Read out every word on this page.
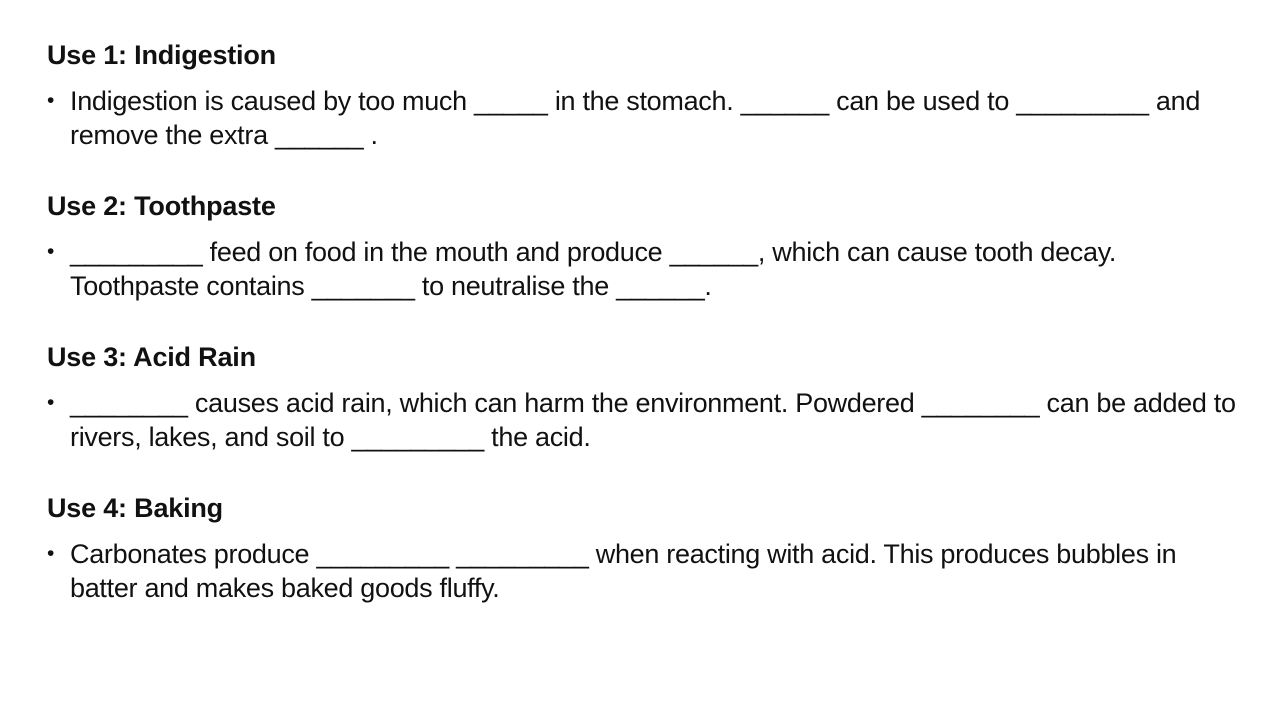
Use 1: Indigestion
• Indigestion is caused by too much _____ in the stomach. ______ can be used to _________ and remove the extra ______ .
Use 2: Toothpaste
• _________ feed on food in the mouth and produce ______, which can cause tooth decay. Toothpaste contains _______ to neutralise the ______.
Use 3: Acid Rain
• ________ causes acid rain, which can harm the environment. Powdered ________ can be added to rivers, lakes, and soil to _________ the acid.
Use 4: Baking
• Carbonates produce _________ _________ when reacting with acid. This produces bubbles in batter and makes baked goods fluffy.
